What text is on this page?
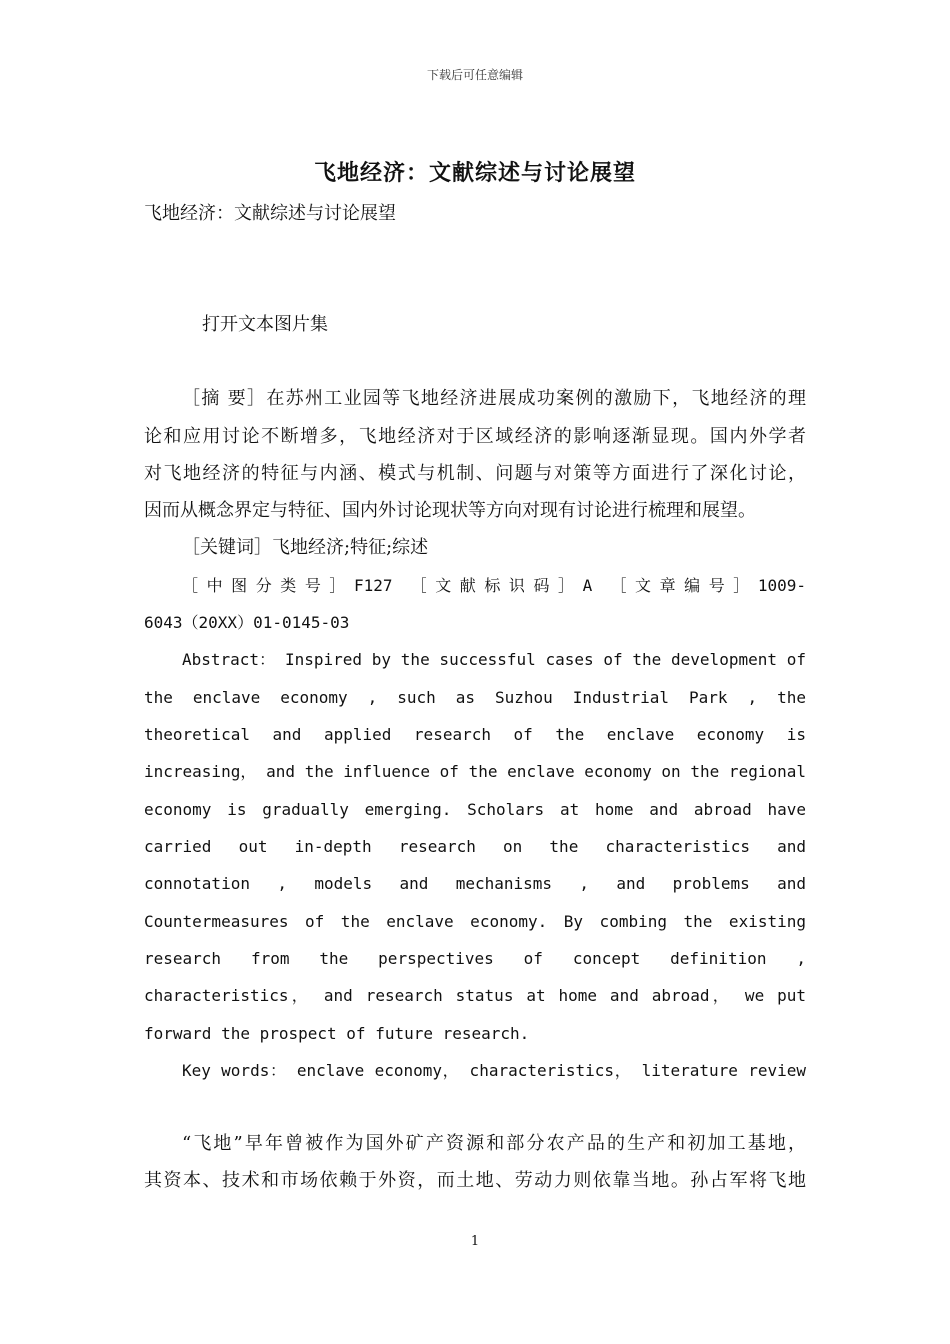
下载后可任意编辑
飞地经济：文献综述与讨论展望
飞地经济：文献综述与讨论展望
打开文本图片集
［摘 要］在苏州工业园等飞地经济进展成功案例的激励下，飞地经济的理
论和应用讨论不断增多，飞地经济对于区域经济的影响逐渐显现。国内外学者
对飞地经济的特征与内涵、模式与机制、问题与对策等方面进行了深化讨论，
因而从概念界定与特征、国内外讨论现状等方向对现有讨论进行梳理和展望。
［关键词］飞地经济;特征;综述
［中图分类号］F127 ［文献标识码］A ［文章编号］1009-
6043（20XX）01-0145-03
Abstract： Inspired by the successful cases of the development of
the enclave economy , such as Suzhou Industrial Park , the
theoretical and applied research of the enclave economy is
increasing， and the influence of the enclave economy on the regional
economy is gradually emerging. Scholars at home and abroad have
carried out in-depth research on the characteristics and
connotation , models and mechanisms , and problems and
Countermeasures of the enclave economy. By combing the existing
research from the perspectives of concept definition ,
characteristics， and research status at home and abroad， we put
forward the prospect of future research.
Key words： enclave economy， characteristics， literature review
“飞地”早年曾被作为国外矿产资源和部分农产品的生产和初加工基地，
其资本、技术和市场依赖于外资，而土地、劳动力则依靠当地。孙占军将飞地
1
